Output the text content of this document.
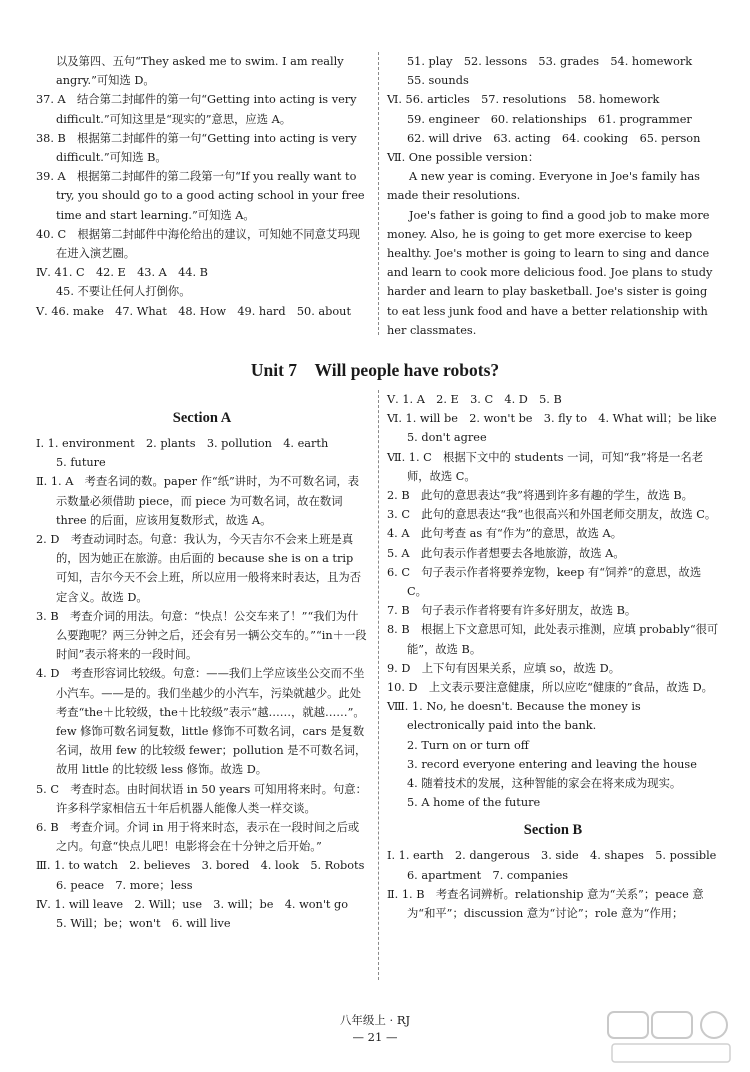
以及第四、五句“They asked me to swim. I am really angry.”可知选 D。

37. A　结合第二封邮件的第一句“Getting into acting is very difficult.”可知这里是“现实的”意思，应选 A。

38. B　根据第二封邮件的第一句“Getting into acting is very difficult.”可知选 B。

39. A　根据第二封邮件的第二段第一句“If you really want to try, you should go to a good acting school in your free time and start learning.”可知选 A。

40. C　根据第二封邮件中海伦给出的建议，可知她不同意艾玛现在进入演艺圈。

Ⅳ. 41. C　42. E　43. A　44. B

45. 不要让任何人打倒你。

Ⅴ. 46. make　47. What　48. How　49. hard　50. about

51. play　52. lessons　53. grades　54. homework

55. sounds

Ⅵ. 56. articles　57. resolutions　58. homework

59. engineer　60. relationships　61. programmer

62. will drive　63. acting　64. cooking　65. person

Ⅶ. One possible version：

A new year is coming. Everyone in Joe's family has made their resolutions.

Joe's father is going to find a good job to make more money. Also, he is going to get more exercise to keep healthy. Joe's mother is going to learn to sing and dance and learn to cook more delicious food. Joe plans to study harder and learn to play basketball. Joe's sister is going to eat less junk food and have a better relationship with her classmates.

Unit 7　Will people have robots?
Section A

Ⅰ. 1. environment　2. plants　3. pollution　4. earth

5. future

Ⅱ. 1. A　考查名词的数。paper 作“纸”讲时，为不可数名词，表示数量必须借助 piece，而 piece 为可数名词，故在数词 three 的后面，应该用复数形式，故选 A。

2. D　考查动词时态。句意：我认为，今天吉尔不会来上班是真的，因为她正在旅游。由后面的 because she is on a trip 可知，吉尔今天不会上班，所以应用一般将来时表达，且为否定含义。故选 D。

3. B　考查介词的用法。句意：“快点！公交车来了！”“我们为什么要跑呢？两三分钟之后，还会有另一辆公交车的。”“in＋一段时间”表示将来的一段时间。

4. D　考查形容词比较级。句意：——我们上学应该坐公交而不坐小汽车。——是的。我们坐越少的小汽车，污染就越少。此处考查“the＋比较级，the＋比较级”表示“越……，就越……”。few 修饰可数名词复数，little 修饰不可数名词，cars 是复数名词，故用 few 的比较级 fewer；pollution 是不可数名词，故用 little 的比较级 less 修饰。故选 D。

5. C　考查时态。由时间状语 in 50 years 可知用将来时。句意：许多科学家相信五十年后机器人能像人类一样交谈。

6. B　考查介词。介词 in 用于将来时态，表示在一段时间之后或之内。句意“快点儿吧！电影将会在十分钟之后开始。”

Ⅲ. 1. to watch　2. believes　3. bored　4. look　5. Robots

6. peace　7. more；less

Ⅳ. 1. will leave　2. Will；use　3. will；be　4. won't go

5. Will；be；won't　6. will live

Ⅴ. 1. A　2. E　3. C　4. D　5. B

Ⅵ. 1. will be　2. won't be　3. fly to　4. What will；be like

5. don't agree

Ⅶ. 1. C　根据下文中的 students 一词，可知“我”将是一名老师，故选 C。

2. B　此句的意思表达“我”将遇到许多有趣的学生，故选 B。

3. C　此句的意思表达“我”也很高兴和外国老师交朋友，故选 C。

4. A　此句考查 as 有“作为”的意思，故选 A。

5. A　此句表示作者想要去各地旅游，故选 A。

6. C　句子表示作者将要养宠物，keep 有“饲养”的意思，故选 C。

7. B　句子表示作者将要有许多好朋友，故选 B。

8. B　根据上下文意思可知，此处表示推测，应填 probably“很可能”，故选 B。

9. D　上下句有因果关系，应填 so，故选 D。

10. D　上文表示要注意健康，所以应吃“健康的”食品，故选 D。

Ⅷ. 1. No, he doesn't. Because the money is electronically paid into the bank.

2. Turn on or turn off

3. record everyone entering and leaving the house

4. 随着技术的发展，这种智能的家会在将来成为现实。

5. A home of the future

Section B

Ⅰ. 1. earth　2. dangerous　3. side　4. shapes　5. possible

6. apartment　7. companies

Ⅱ. 1. B　考查名词辨析。relationship 意为“关系”；peace 意为“和平”；discussion 意为“讨论”；role 意为“作用；

八年级上 · RJ
— 21 —
